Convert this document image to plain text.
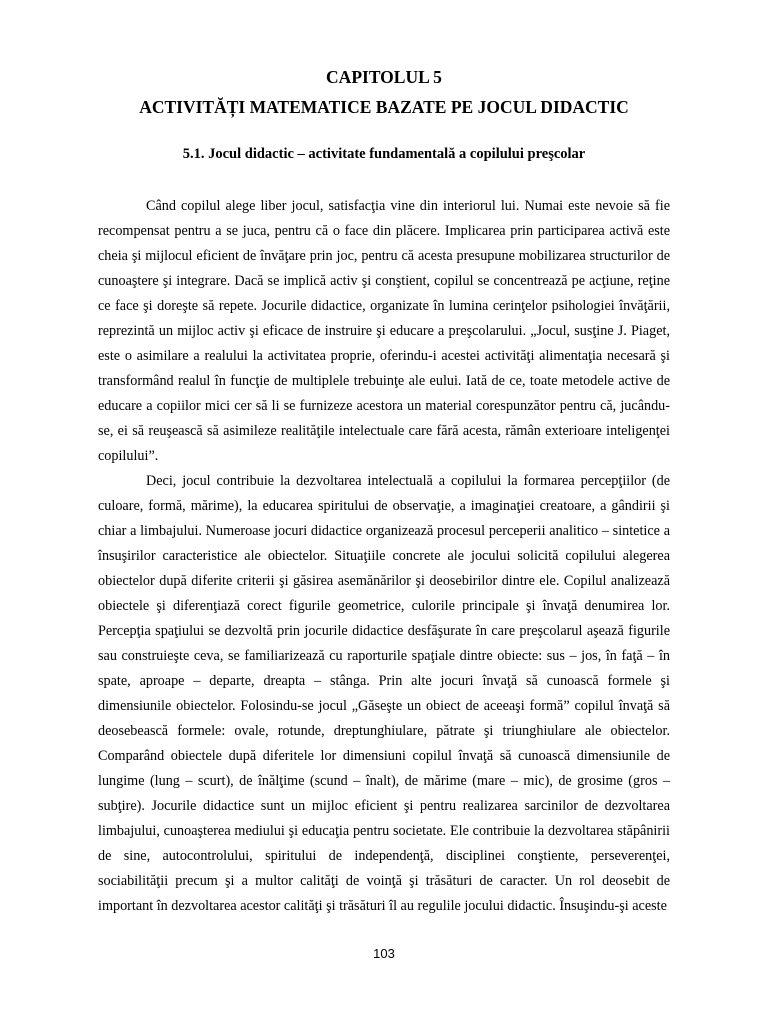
CAPITOLUL 5
ACTIVITĂȚI MATEMATICE BAZATE PE JOCUL DIDACTIC
5.1. Jocul didactic – activitate fundamentală a copilului preşcolar

Când copilul alege liber jocul, satisfacţia vine din interiorul lui. Numai este nevoie să fie recompensat pentru a se juca, pentru că o face din plăcere. Implicarea prin participarea activă este cheia şi mijlocul eficient de învăţare prin joc, pentru că acesta presupune mobilizarea structurilor de cunoaştere şi integrare. Dacă se implică activ şi conştient, copilul se concentrează pe acţiune, reţine ce face şi doreşte să repete. Jocurile didactice, organizate în lumina cerinţelor psihologiei învăţării, reprezintă un mijloc activ şi eficace de instruire şi educare a preşcolarului. „Jocul, susţine J. Piaget, este o asimilare a realului la activitatea proprie, oferindu-i acestei activităţi alimentaţia necesară şi transformând realul în funcţie de multiplele trebuinţe ale eului. Iată de ce, toate metodele active de educare a copiilor mici cer să li se furnizeze acestora un material corespunzător pentru că, jucându-se, ei să reuşească să asimileze realităţile intelectuale care fără acesta, rămân exterioare inteligenţei copilului”.

Deci, jocul contribuie la dezvoltarea intelectuală a copilului la formarea percepţiilor (de culoare, formă, mărime), la educarea spiritului de observaţie, a imaginaţiei creatoare, a gândirii şi chiar a limbajului. Numeroase jocuri didactice organizează procesul perceperii analitico – sintetice a însuşirilor caracteristice ale obiectelor. Situaţiile concrete ale jocului solicită copilului alegerea obiectelor după diferite criterii şi găsirea asemănărilor şi deosebirilor dintre ele. Copilul analizează obiectele şi diferenţiază corect figurile geometrice, culorile principale şi învaţă denumirea lor. Percepţia spaţiului se dezvoltă prin jocurile didactice desfăşurate în care preşcolarul aşează figurile sau construieşte ceva, se familiarizează cu raporturile spaţiale dintre obiecte: sus – jos, în faţă – în spate, aproape – departe, dreapta – stânga. Prin alte jocuri învaţă să cunoască formele şi dimensiunile obiectelor. Folosindu-se jocul „Găseşte un obiect de aceeaşi formă” copilul învaţă să deosebească formele: ovale, rotunde, dreptunghiulare, pătrate şi triunghiulare ale obiectelor. Comparând obiectele după diferitele lor dimensiuni copilul învaţă să cunoască dimensiunile de lungime (lung – scurt), de înălţime (scund – înalt), de mărime (mare – mic), de grosime (gros – subţire). Jocurile didactice sunt un mijloc eficient şi pentru realizarea sarcinilor de dezvoltarea limbajului, cunoaşterea mediului şi educaţia pentru societate. Ele contribuie la dezvoltarea stăpânirii de sine, autocontrolului, spiritului de independenţă, disciplinei conştiente, perseverenţei, sociabilităţii precum şi a multor calităţi de voinţă şi trăsături de caracter. Un rol deosebit de important în dezvoltarea acestor calităţi şi trăsături îl au regulile jocului didactic. Însuşindu-şi aceste

103
